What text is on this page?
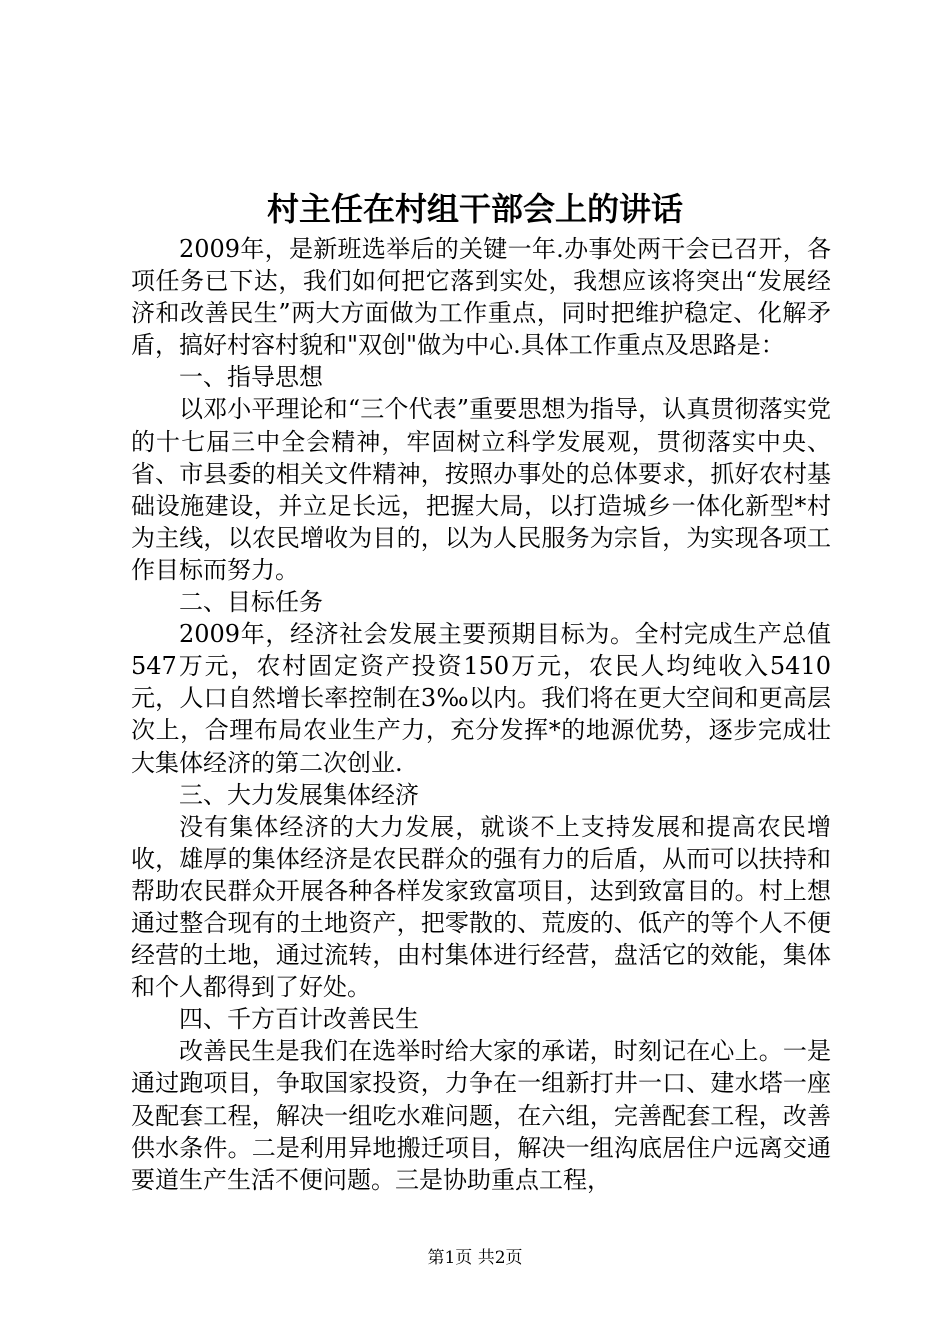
村主任在村组干部会上的讲话

2009年，是新班选举后的关键一年.办事处两干会已召开，各项任务已下达，我们如何把它落到实处，我想应该将突出“发展经济和改善民生”两大方面做为工作重点，同时把维护稳定、化解矛盾，搞好村容村貌和"双创"做为中心.具体工作重点及思路是：

一、指导思想

以邓小平理论和“三个代表”重要思想为指导，认真贯彻落实党的十七届三中全会精神，牢固树立科学发展观，贯彻落实中央、省、市县委的相关文件精神，按照办事处的总体要求，抓好农村基础设施建设，并立足长远，把握大局，以打造城乡一体化新型*村为主线，以农民增收为目的，以为人民服务为宗旨，为实现各项工作目标而努力。

二、目标任务

2009年，经济社会发展主要预期目标为。全村完成生产总值547万元，农村固定资产投资150万元，农民人均纯收入5410元，人口自然增长率控制在3‰以内。我们将在更大空间和更高层次上，合理布局农业生产力，充分发挥*的地源优势，逐步完成壮大集体经济的第二次创业.

三、大力发展集体经济

没有集体经济的大力发展，就谈不上支持发展和提高农民增收，雄厚的集体经济是农民群众的强有力的后盾，从而可以扶持和帮助农民群众开展各种各样发家致富项目，达到致富目的。村上想通过整合现有的土地资产，把零散的、荒废的、低产的等个人不便经营的土地，通过流转，由村集体进行经营，盘活它的效能，集体和个人都得到了好处。

四、千方百计改善民生

改善民生是我们在选举时给大家的承诺，时刻记在心上。一是通过跑项目，争取国家投资，力争在一组新打井一口、建水塔一座及配套工程，解决一组吃水难问题，在六组，完善配套工程，改善供水条件。二是利用异地搬迁项目，解决一组沟底居住户远离交通要道生产生活不便问题。三是协助重点工程，

第1页 共2页
